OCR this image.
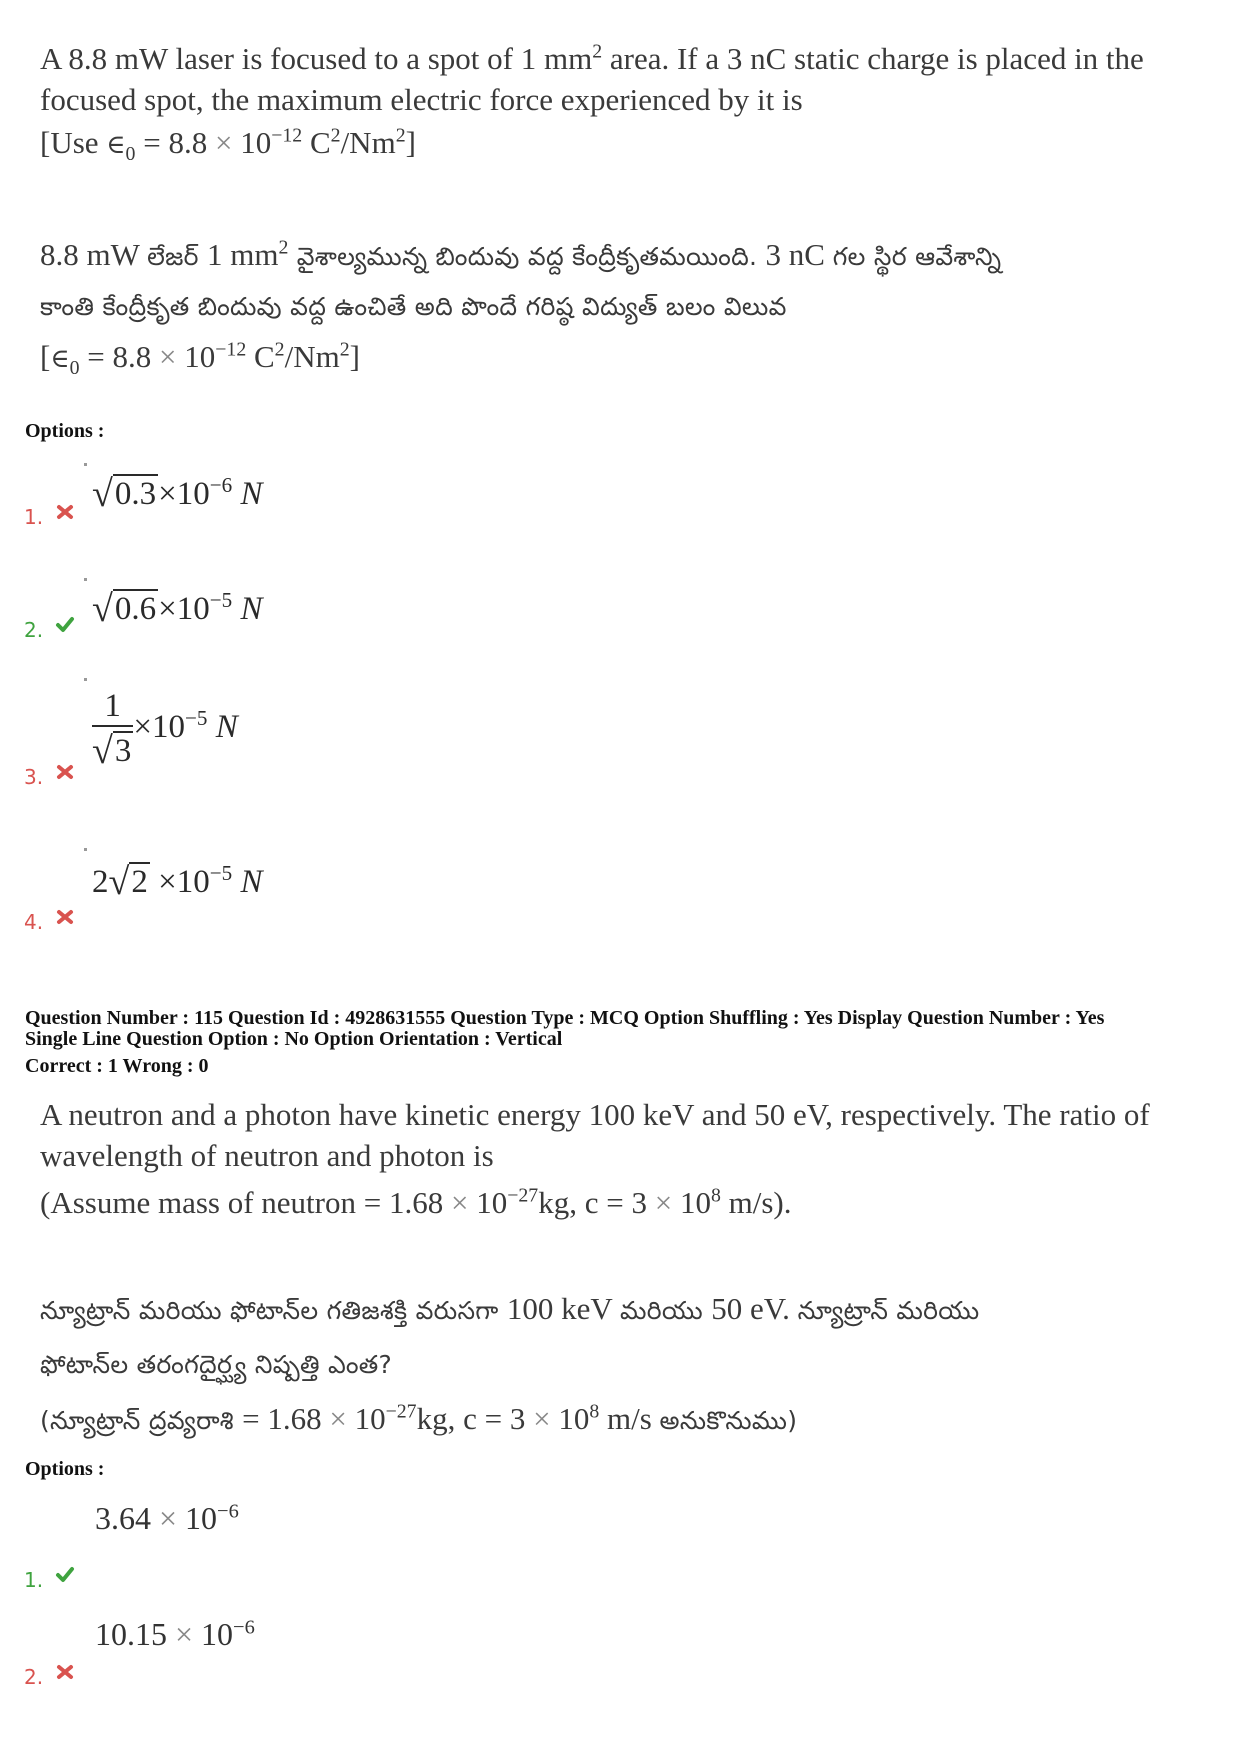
A 8.8 mW laser is focused to a spot of 1 $mm^2$ area. If a 3 nC static charge is placed in the
focused spot, the maximum electric force experienced by it is
[Use $\in_0 = 8.8 \times 10^{-12}$ $C^2/Nm^2$]
8.8 mW లేజర్ 1 $mm^2$ వైశాల్యమున్న బిందువు వద్ద కేంద్రీకృతమయింది. 3 nC గల స్థిర ఆవేశాన్ని
కాంతి కేంద్రీకృత బిందువు వద్ద ఉంచితే అది పొందే గరిష్ఠ విద్యుత్ బలం విలువ
[$\in_0 = 8.8 \times 10^{-12}$ $C^2/Nm^2$]
Options :
$√0.3\times 10^{-6}$ N
1.
$√0.6\times 10^{-5}$ N
2.
$\frac{1}{√3} \times 10^{-5}$ N
3.
$2√2 \times 10^{-5}$ N
4.
Question Number : 115 Question Id : 4928631555 Question Type : MCQ Option Shuffling : Yes Display Question Number : Yes
Single Line Question Option : No Option Orientation : Vertical
Correct : 1 Wrong : 0
A neutron and a photon have kinetic energy 100 keV and 50 eV, respectively. The ratio of
wavelength of neutron and photon is
(Assume mass of neutron = $1.68 \times 10^{-27}kg$, $c = 3 \times 10^8$ m/s).
న్యూట్రాన్ మరియు ఫోటాన్‌ల గతిజశక్తి వరుసగా 100 keV మరియు 50 eV. న్యూట్రాన్ మరియు
ఫోటాన్‌ల తరంగదైర్ఘ్య నిష్పత్తి ఎంత?
(న్యూట్రాన్ ద్రవ్యరాశి = $1.68 \times 10^{-27}kg$, $c = 3 \times 10^8$ m/s అనుకొనుము)
Options :
$3.64 \times 10^{-6}$
1.
$10.15 \times 10^{-6}$
2.
